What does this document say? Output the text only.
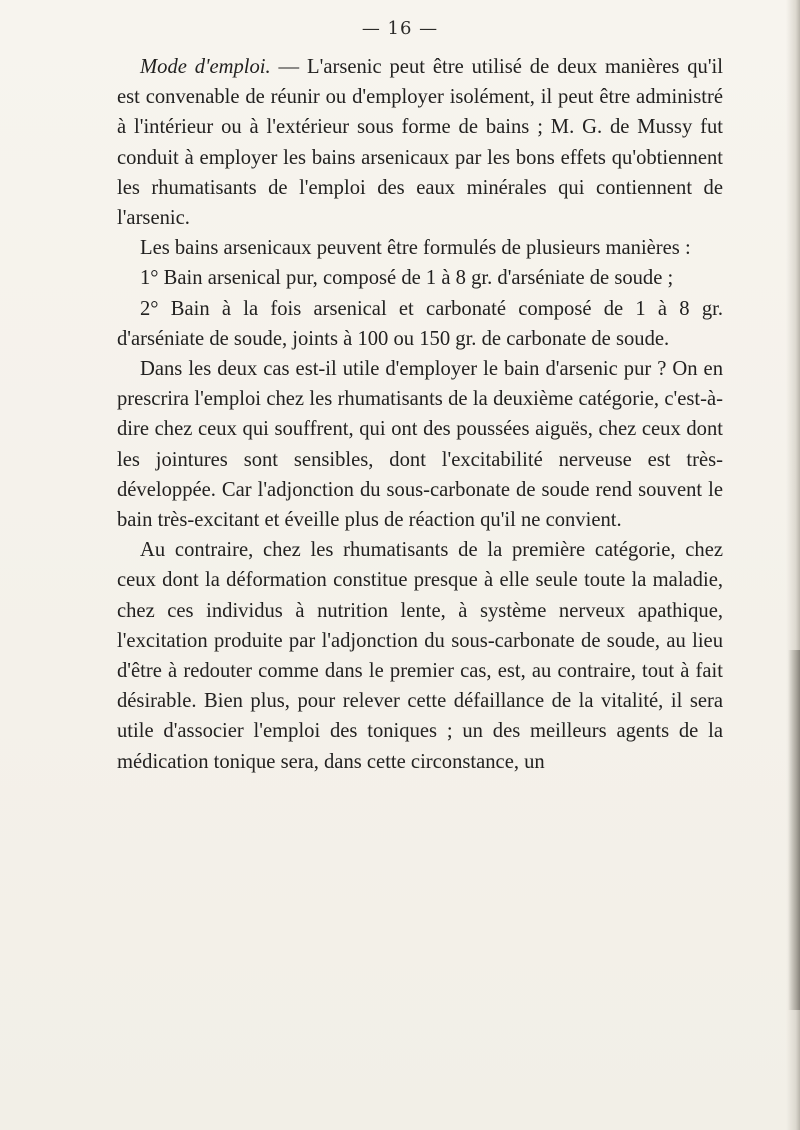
— 16 —

Mode d'emploi. — L'arsenic peut être utilisé de deux manières qu'il est convenable de réunir ou d'employer isolément, il peut être administré à l'intérieur ou à l'extérieur sous forme de bains ; M. G. de Mussy fut conduit à employer les bains arsenicaux par les bons effets qu'obtiennent les rhumatisants de l'emploi des eaux minérales qui contiennent de l'arsenic.

Les bains arsenicaux peuvent être formulés de plusieurs manières :

1° Bain arsenical pur, composé de 1 à 8 gr. d'arséniate de soude ;

2° Bain à la fois arsenical et carbonaté composé de 1 à 8 gr. d'arséniate de soude, joints à 100 ou 150 gr. de carbonate de soude.

Dans les deux cas est-il utile d'employer le bain d'arsenic pur ? On en prescrira l'emploi chez les rhumatisants de la deuxième catégorie, c'est-à-dire chez ceux qui souffrent, qui ont des poussées aiguës, chez ceux dont les jointures sont sensibles, dont l'excitabilité nerveuse est très-développée. Car l'adjonction du sous-carbonate de soude rend souvent le bain très-excitant et éveille plus de réaction qu'il ne convient.

Au contraire, chez les rhumatisants de la première catégorie, chez ceux dont la déformation constitue presque à elle seule toute la maladie, chez ces individus à nutrition lente, à système nerveux apathique, l'excitation produite par l'adjonction du sous-carbonate de soude, au lieu d'être à redouter comme dans le premier cas, est, au contraire, tout à fait désirable. Bien plus, pour relever cette défaillance de la vitalité, il sera utile d'associer l'emploi des toniques ; un des meilleurs agents de la médication tonique sera, dans cette circonstance, un
